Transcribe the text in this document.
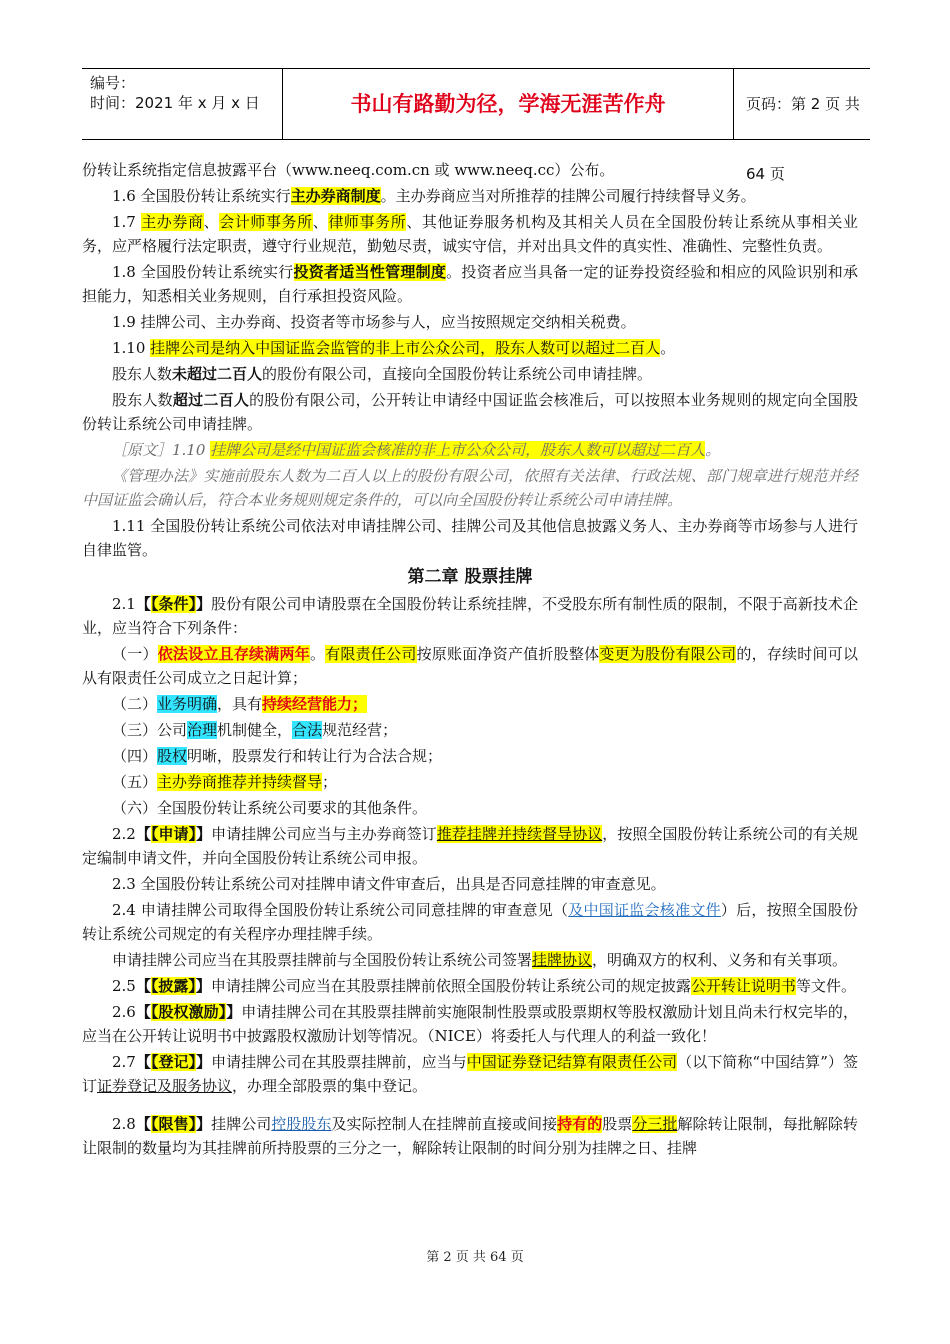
编号：
时间：2021 年 x 月 x 日	书山有路勤为径，学海无涯苦作舟	页码：第 2 页 共 64 页

份转让系统指定信息披露平台（www.neeq.com.cn 或 www.neeq.cc）公布。

1.6 全国股份转让系统实行主办券商制度。主办券商应当对所推荐的挂牌公司履行持续督导义务。

1.7 主办券商、会计师事务所、律师事务所、其他证券服务机构及其相关人员在全国股份转让系统从事相关业务，应严格履行法定职责，遵守行业规范，勤勉尽责，诚实守信，并对出具文件的真实性、准确性、完整性负责。

1.8 全国股份转让系统实行投资者适当性管理制度。投资者应当具备一定的证券投资经验和相应的风险识别和承担能力，知悉相关业务规则，自行承担投资风险。

1.9 挂牌公司、主办券商、投资者等市场参与人，应当按照规定交纳相关税费。

1.10 挂牌公司是纳入中国证监会监管的非上市公众公司，股东人数可以超过二百人。

股东人数未超过二百人的股份有限公司，直接向全国股份转让系统公司申请挂牌。

股东人数超过二百人的股份有限公司，公开转让申请经中国证监会核准后，可以按照本业务规则的规定向全国股份转让系统公司申请挂牌。

［原文］1.10 挂牌公司是经中国证监会核准的非上市公众公司，股东人数可以超过二百人。

《管理办法》实施前股东人数为二百人以上的股份有限公司，依照有关法律、行政法规、部门规章进行规范并经中国证监会确认后，符合本业务规则规定条件的，可以向全国股份转让系统公司申请挂牌。

1.11 全国股份转让系统公司依法对申请挂牌公司、挂牌公司及其他信息披露义务人、主办券商等市场参与人进行自律监管。

第二章 股票挂牌

2.1【【条件】】股份有限公司申请股票在全国股份转让系统挂牌，不受股东所有制性质的限制，不限于高新技术企业，应当符合下列条件：

（一）依法设立且存续满两年。有限责任公司按原账面净资产值折股整体变更为股份有限公司的，存续时间可以从有限责任公司成立之日起计算；

（二）业务明确，具有持续经营能力；

（三）公司治理机制健全，合法规范经营；

（四）股权明晰，股票发行和转让行为合法合规；

（五）主办券商推荐并持续督导；

（六）全国股份转让系统公司要求的其他条件。

2.2【【申请】】申请挂牌公司应当与主办券商签订推荐挂牌并持续督导协议，按照全国股份转让系统公司的有关规定编制申请文件，并向全国股份转让系统公司申报。

2.3 全国股份转让系统公司对挂牌申请文件审查后，出具是否同意挂牌的审查意见。

2.4 申请挂牌公司取得全国股份转让系统公司同意挂牌的审查意见（及中国证监会核准文件）后，按照全国股份转让系统公司规定的有关程序办理挂牌手续。

申请挂牌公司应当在其股票挂牌前与全国股份转让系统公司签署挂牌协议，明确双方的权利、义务和有关事项。

2.5【【披露】】申请挂牌公司应当在其股票挂牌前依照全国股份转让系统公司的规定披露公开转让说明书等文件。

2.6【【股权激励】】申请挂牌公司在其股票挂牌前实施限制性股票或股票期权等股权激励计划且尚未行权完毕的，应当在公开转让说明书中披露股权激励计划等情况。（NICE）将委托人与代理人的利益一致化！

2.7【【登记】】申请挂牌公司在其股票挂牌前，应当与中国证券登记结算有限责任公司（以下简称“中国结算”）签订证券登记及服务协议，办理全部股票的集中登记。

2.8【【限售】】挂牌公司控股股东及实际控制人在挂牌前直接或间接持有的股票分三批解除转让限制，每批解除转让限制的数量均为其挂牌前所持股票的三分之一，解除转让限制的时间分别为挂牌之日、挂牌

第 2 页 共 64 页
